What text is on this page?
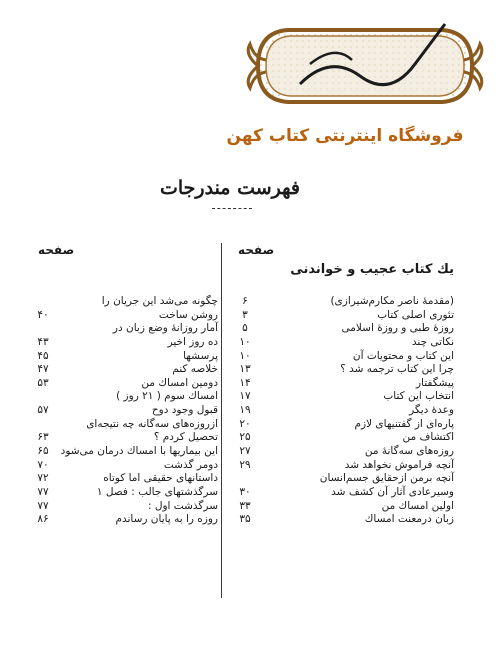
فروشگاه اینترنتی کتاب کهن
فهرست مندرجات
صفحه
صفحه
یك كتاب عجیب و خواندنی
(مقدمهٔ ناصر مکارم‌شیرازی)
۶
تئوری اصلی کتاب
۳
روزهٔ طبی و روزهٔ اسلامی
۵
نکاتی چند
۱۰
این کتاب و محتویات آن
۱۰
چرا این کتاب ترجمه شد ؟
۱۳
پیشگفتار
۱۴
انتخاب این کتاب
۱۷
وعدهٔ دیگر
۱۹
پاره‌ای از گفتنیهای لازم
۲۰
اکتشاف من
۲۵
روزه‌های سه‌گانهٔ من
۲۷
آنچه فراموش نخواهد شد
۲۹
آنچه برمن ازحقایق جسم‌انسان
وسیرعادی آثار آن کشف شد
۳۰
اولین امساك من
۳۳
زبان درمعنت امساك
۳۵
چگونه می‌شد این جریان را
روشن ساخت
۴۰
آمار روزانهٔ وضع زبان در
ده روز اخیر
۴۳
پرسشها
۴۵
خلاصه کنم
۴۷
دومین امساك من
۵۳
امساك سوم ( ۲۱ روز )
قبول وجود دوح
۵۷
ازروزه‌های سه‌گانه چه نتیجه‌ای
تحصیل کردم ؟
۶۳
این بیماریها با امساك درمان می‌شود
۶۵
دومر گذشت
۷۰
داستانهای حقیقی اما کوتاه
۷۲
سرگذشتهای جالب : فصل ۱
۷۷
سرگذشت اول :
۷۷
روزه را به پایان رساندم
۸۶
